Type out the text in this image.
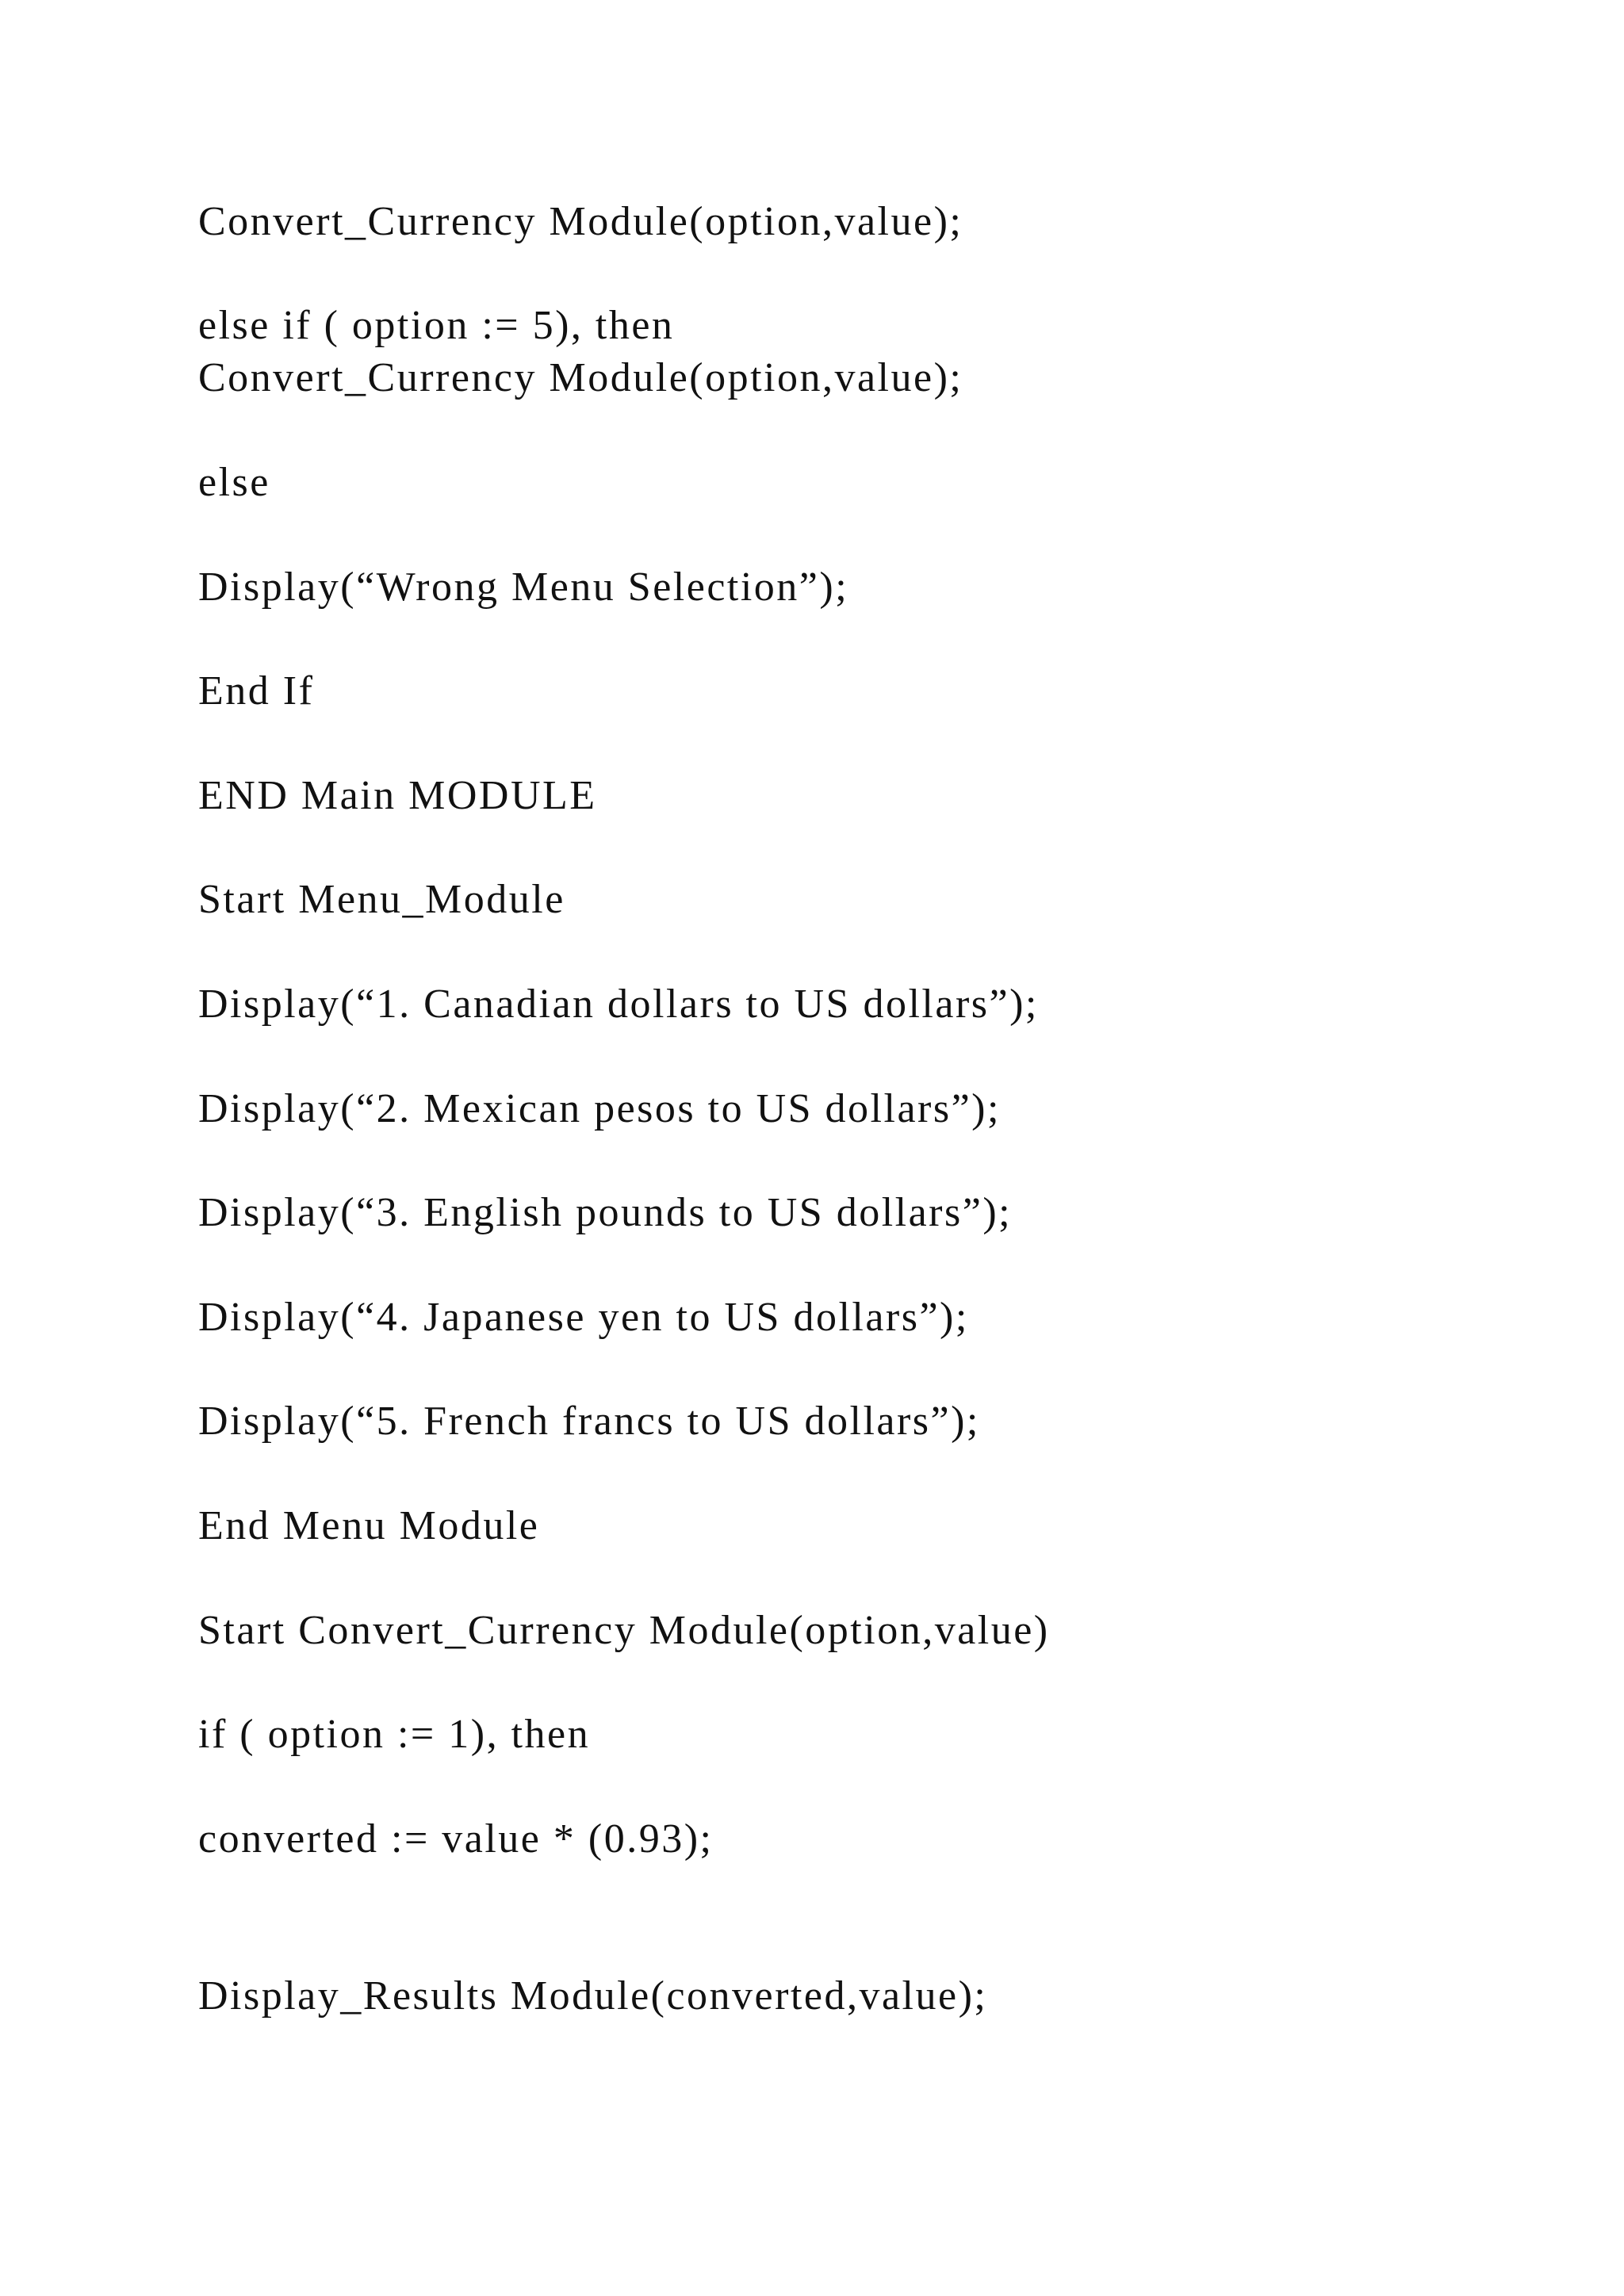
Convert_Currency Module(option,value);

else if ( option := 5), then

Convert_Currency Module(option,value);

else

Display(“Wrong Menu Selection”);

End If

END Main MODULE

Start Menu_Module

Display(“1. Canadian dollars to US dollars”);

Display(“2. Mexican pesos to US dollars”);

Display(“3. English pounds to US dollars”);

Display(“4. Japanese yen to US dollars”);

Display(“5. French francs to US dollars”);

End Menu Module

Start Convert_Currency Module(option,value)

if ( option := 1), then

converted := value * (0.93);

Display_Results Module(converted,value);
